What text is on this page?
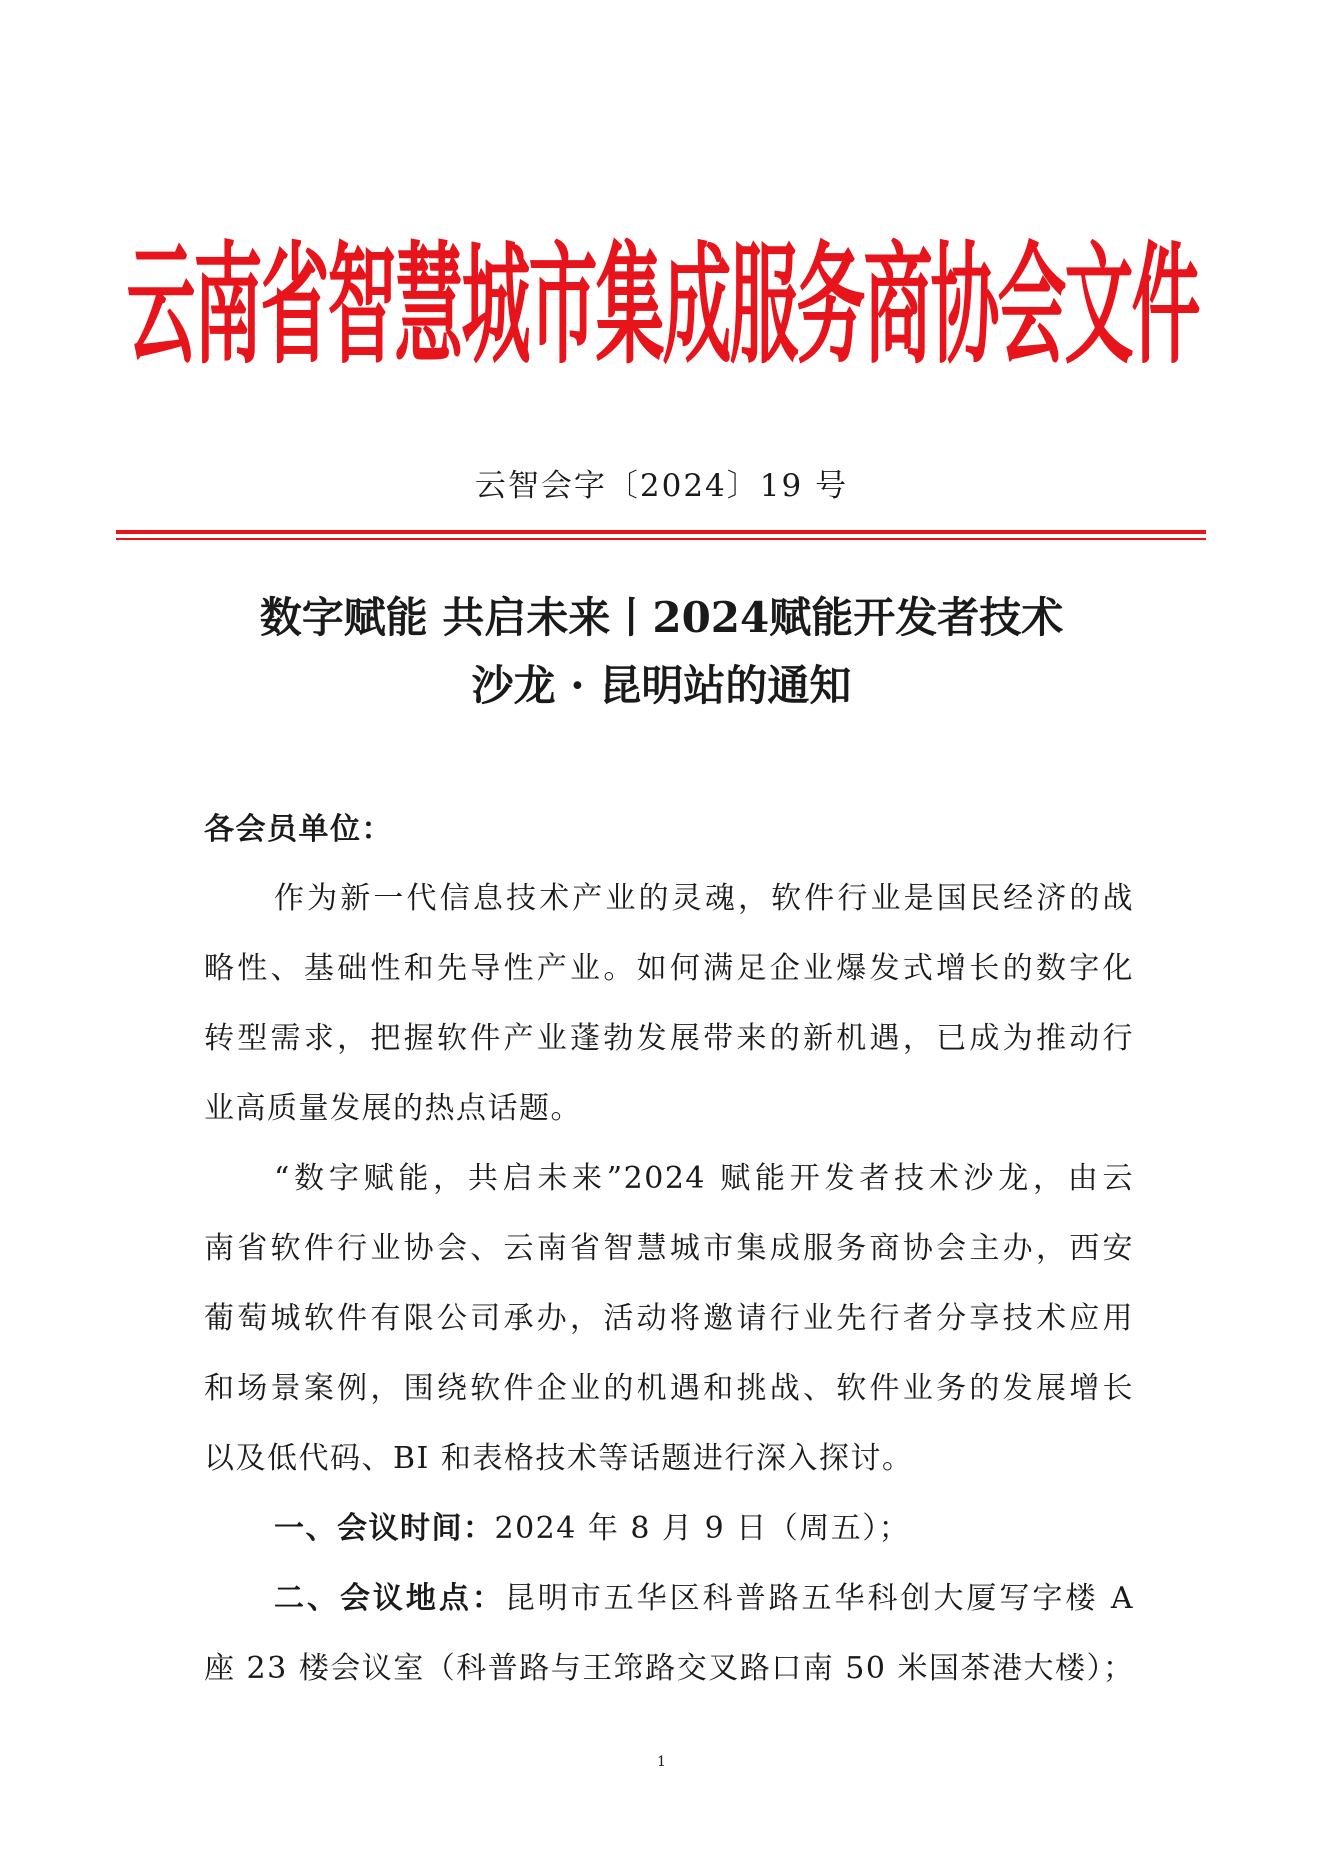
云南省智慧城市集成服务商协会文件
云智会字〔2024〕19 号
数字赋能 共启未来丨2024赋能开发者技术
沙龙 · 昆明站的通知
各会员单位：
作为新一代信息技术产业的灵魂，软件行业是国民经济的战
略性、基础性和先导性产业。如何满足企业爆发式增长的数字化
转型需求，把握软件产业蓬勃发展带来的新机遇，已成为推动行
业高质量发展的热点话题。
“数字赋能，共启未来”2024 赋能开发者技术沙龙，由云
南省软件行业协会、云南省智慧城市集成服务商协会主办，西安
葡萄城软件有限公司承办，活动将邀请行业先行者分享技术应用
和场景案例，围绕软件企业的机遇和挑战、软件业务的发展增长
以及低代码、BI 和表格技术等话题进行深入探讨。
一、会议时间：2024 年 8 月 9 日（周五）；
二、会议地点：昆明市五华区科普路五华科创大厦写字楼 A
座 23 楼会议室（科普路与王筇路交叉路口南 50 米国茶港大楼）；
1
